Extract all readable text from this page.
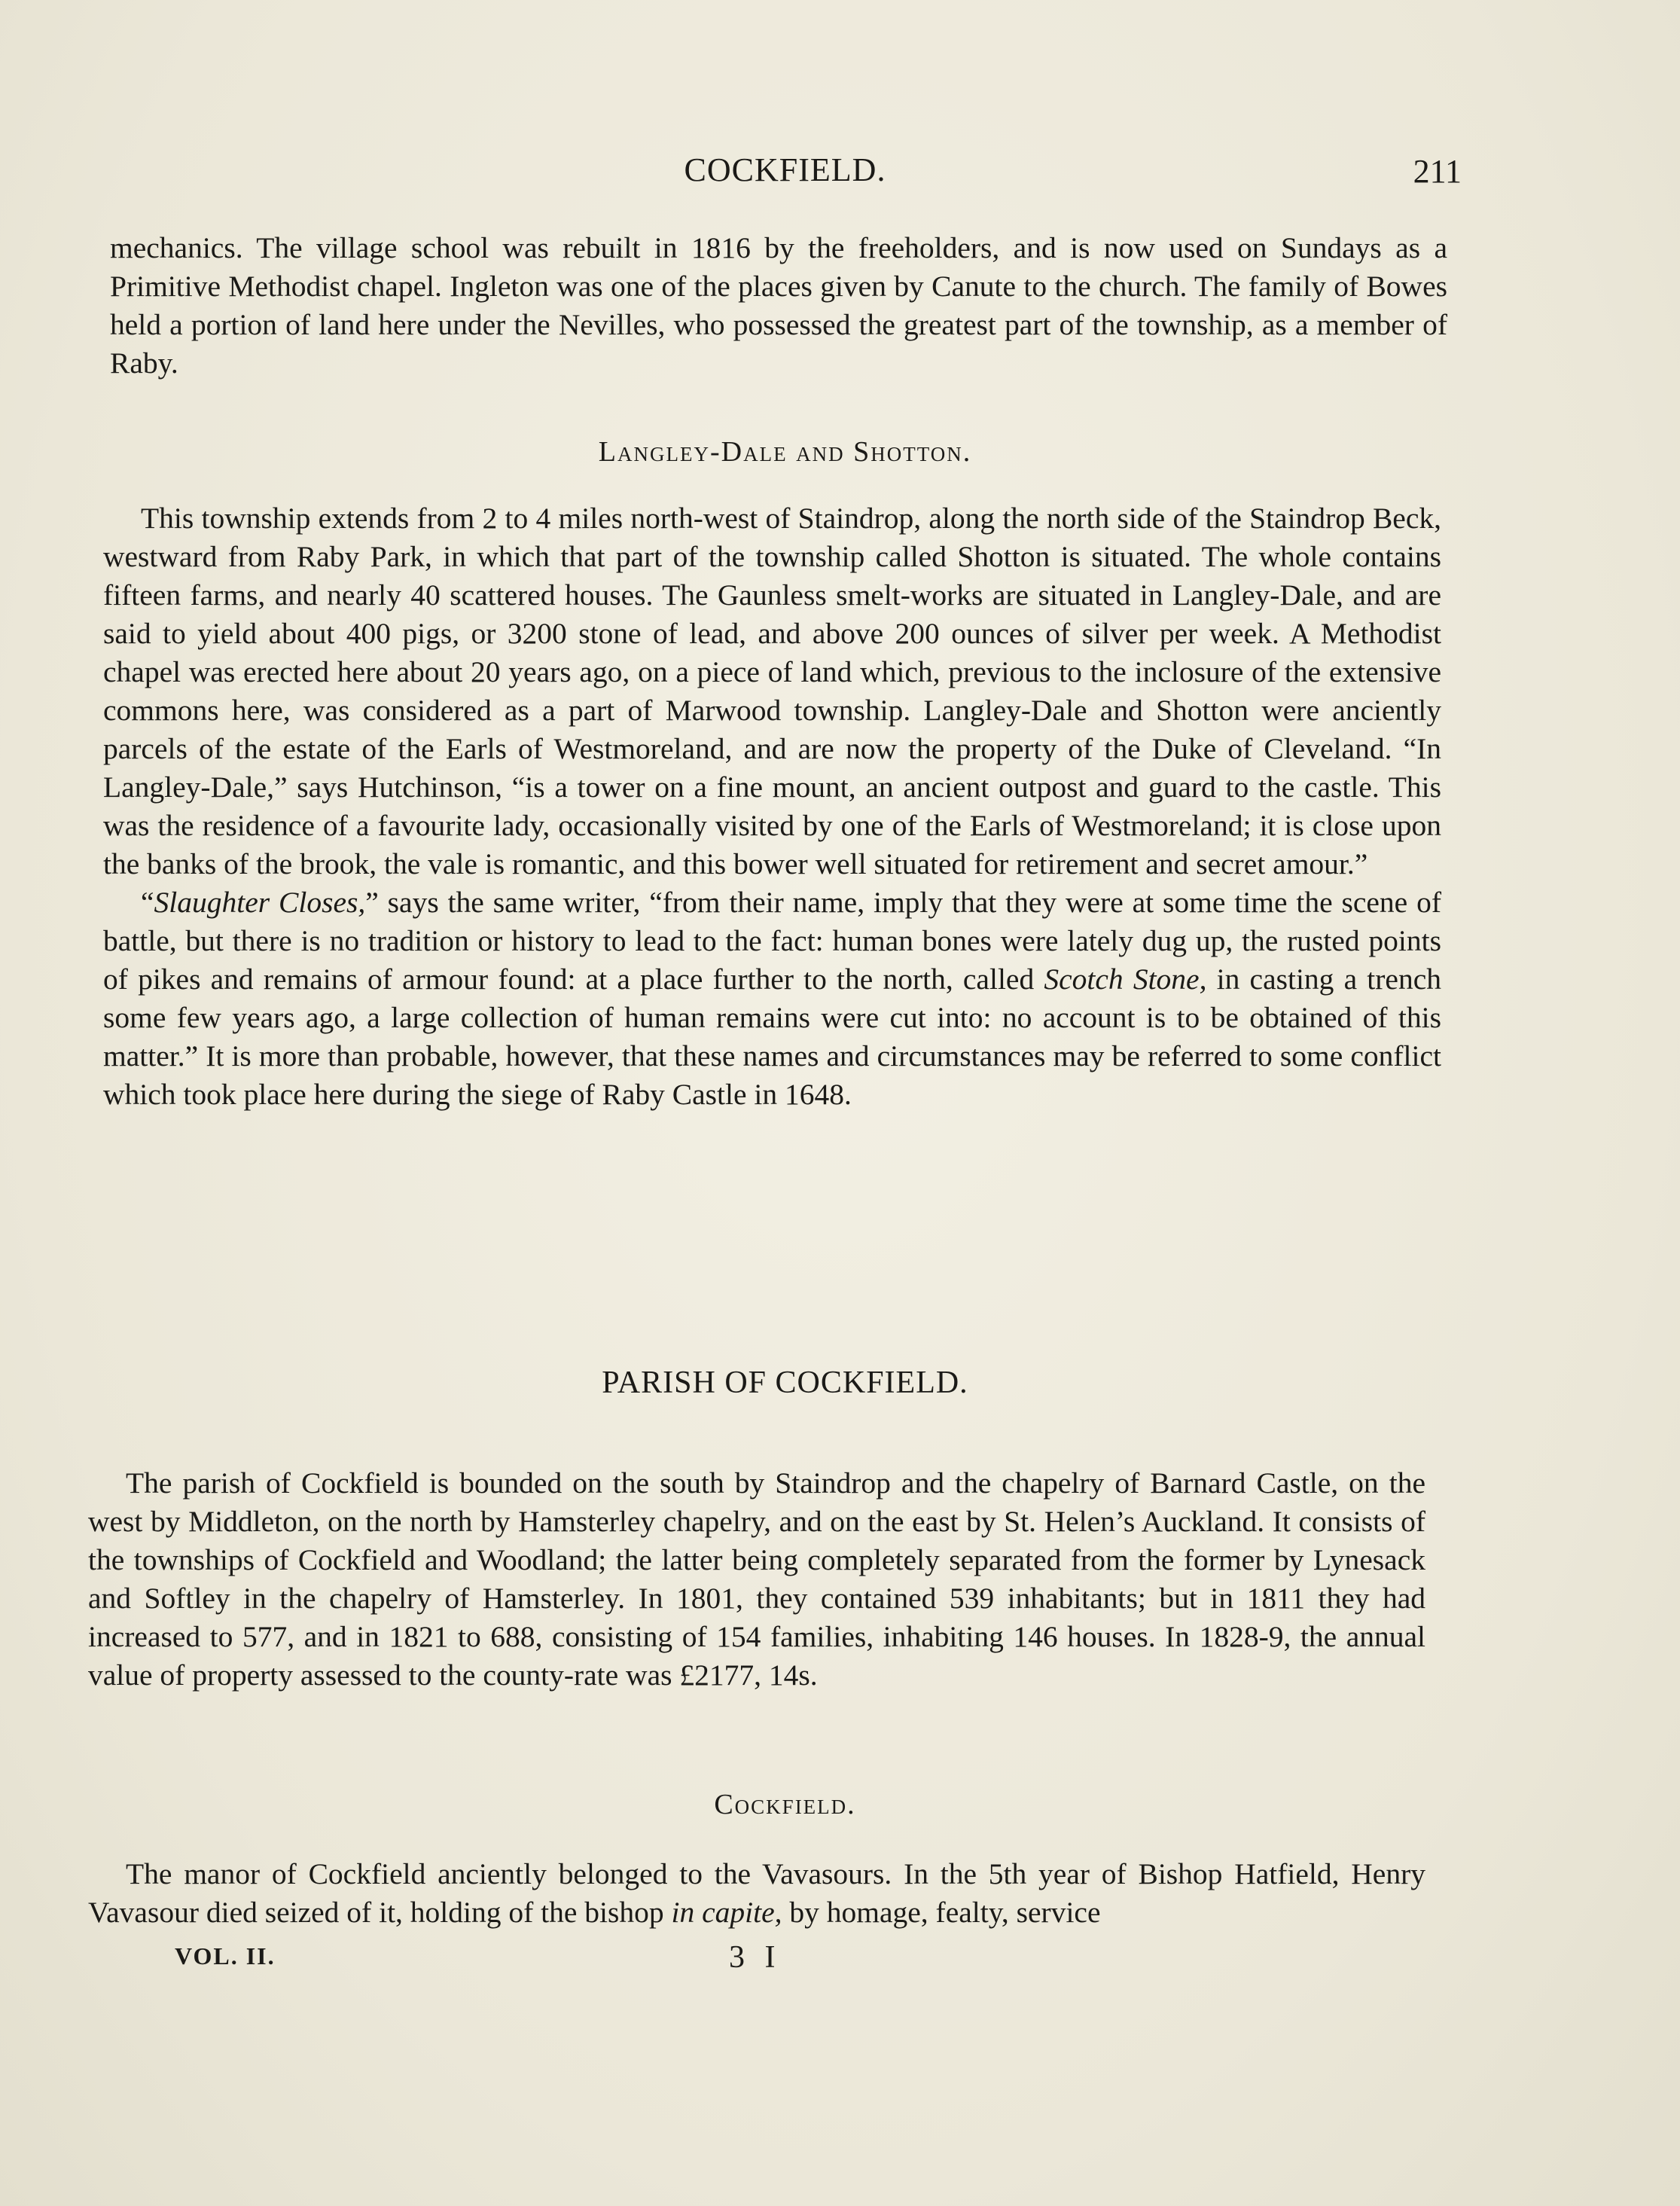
COCKFIELD.	211

mechanics. The village school was rebuilt in 1816 by the freeholders, and is now used on Sundays as a Primitive Methodist chapel. Ingleton was one of the places given by Canute to the church. The family of Bowes held a portion of land here under the Nevilles, who possessed the greatest part of the township, as a member of Raby.

Langley-Dale and Shotton.

This township extends from 2 to 4 miles north-west of Staindrop, along the north side of the Staindrop Beck, westward from Raby Park, in which that part of the township called Shotton is situated. The whole contains fifteen farms, and nearly 40 scattered houses. The Gaunless smelt-works are situated in Langley-Dale, and are said to yield about 400 pigs, or 3200 stone of lead, and above 200 ounces of silver per week. A Methodist chapel was erected here about 20 years ago, on a piece of land which, previous to the inclosure of the extensive commons here, was considered as a part of Marwood township. Langley-Dale and Shotton were anciently parcels of the estate of the Earls of Westmoreland, and are now the property of the Duke of Cleveland. “In Langley-Dale,” says Hutchinson, “is a tower on a fine mount, an ancient outpost and guard to the castle. This was the residence of a favourite lady, occasionally visited by one of the Earls of Westmoreland; it is close upon the banks of the brook, the vale is romantic, and this bower well situated for retirement and secret amour.”

“Slaughter Closes,” says the same writer, “from their name, imply that they were at some time the scene of battle, but there is no tradition or history to lead to the fact: human bones were lately dug up, the rusted points of pikes and remains of armour found: at a place further to the north, called Scotch Stone, in casting a trench some few years ago, a large collection of human remains were cut into: no account is to be obtained of this matter.” It is more than probable, however, that these names and circumstances may be referred to some conflict which took place here during the siege of Raby Castle in 1648.

PARISH OF COCKFIELD.

The parish of Cockfield is bounded on the south by Staindrop and the chapelry of Barnard Castle, on the west by Middleton, on the north by Hamsterley chapelry, and on the east by St. Helen’s Auckland. It consists of the townships of Cockfield and Woodland; the latter being completely separated from the former by Lynesack and Softley in the chapelry of Hamsterley. In 1801, they contained 539 inhabitants; but in 1811 they had increased to 577, and in 1821 to 688, consisting of 154 families, inhabiting 146 houses. In 1828-9, the annual value of property assessed to the county-rate was £2177, 14s.

Cockfield.

The manor of Cockfield anciently belonged to the Vavasours. In the 5th year of Bishop Hatfield, Henry Vavasour died seized of it, holding of the bishop in capite, by homage, fealty, service

VOL. II.	3 I
